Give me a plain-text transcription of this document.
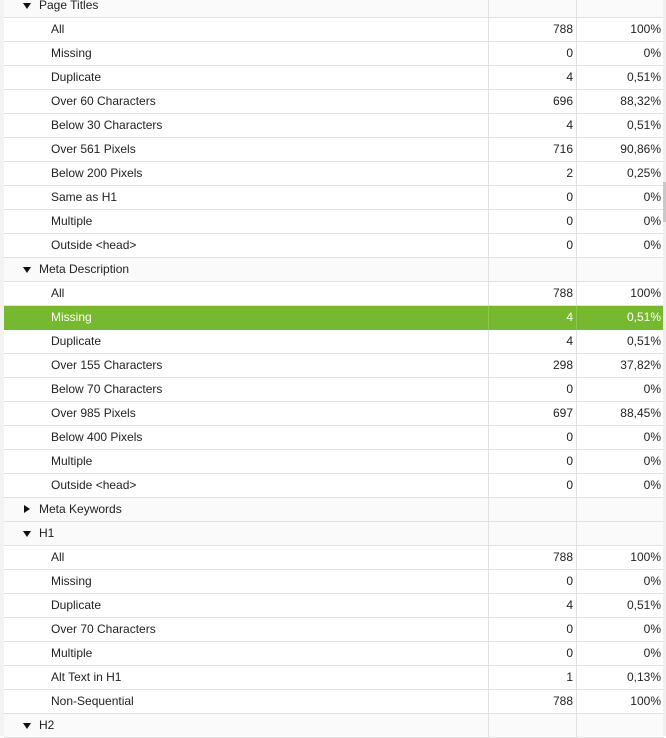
Page Titles
All	788	100%
Missing	0	0%
Duplicate	4	0,51%
Over 60 Characters	696	88,32%
Below 30 Characters	4	0,51%
Over 561 Pixels	716	90,86%
Below 200 Pixels	2	0,25%
Same as H1	0	0%
Multiple	0	0%
Outside <head>	0	0%
Meta Description
All	788	100%
Missing	4	0,51%
Duplicate	4	0,51%
Over 155 Characters	298	37,82%
Below 70 Characters	0	0%
Over 985 Pixels	697	88,45%
Below 400 Pixels	0	0%
Multiple	0	0%
Outside <head>	0	0%
Meta Keywords
H1
All	788	100%
Missing	0	0%
Duplicate	4	0,51%
Over 70 Characters	0	0%
Multiple	0	0%
Alt Text in H1	1	0,13%
Non-Sequential	788	100%
H2
